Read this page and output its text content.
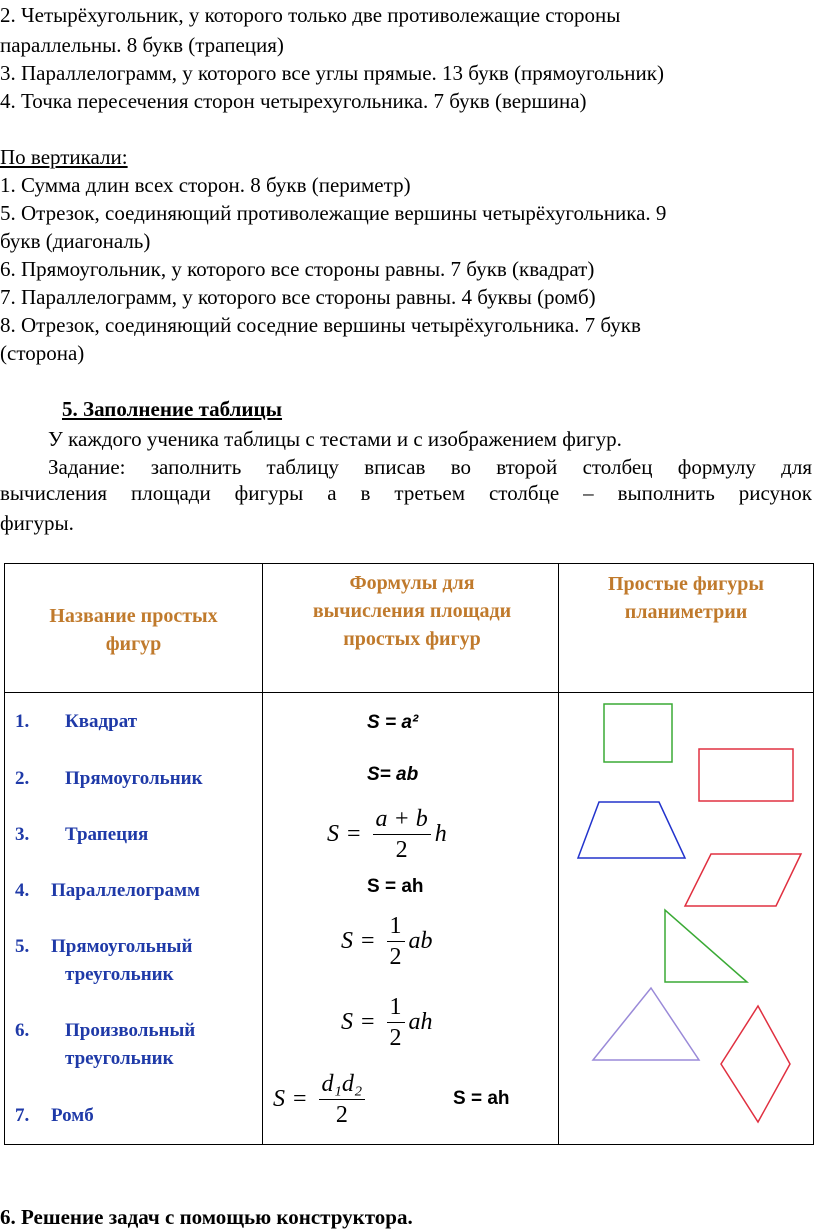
2. Четырёхугольник, у которого только две противолежащие стороны
параллельны. 8 букв (трапеция)
3. Параллелограмм, у которого все углы прямые. 13 букв (прямоугольник)
4. Точка пересечения сторон четырехугольника. 7 букв (вершина)
По вертикали:
1. Сумма длин всех сторон. 8 букв (периметр)
5. Отрезок, соединяющий противолежащие вершины четырёхугольника. 9
букв (диагональ)
6. Прямоугольник, у которого все стороны равны. 7 букв (квадрат)
7. Параллелограмм, у которого все стороны равны. 4 буквы (ромб)
8. Отрезок, соединяющий соседние вершины четырёхугольника. 7 букв
(сторона)
5. Заполнение таблицы
У каждого ученика таблицы с тестами и с изображением фигур.
Задание: заполнить таблицу вписав во второй столбец формулу для
вычисления площади фигуры а в третьем столбце – выполнить рисунок
фигуры.
Название простых
фигур
Формулы для
вычисления площади
простых фигур
Простые фигуры
планиметрии
1. Квадрат
2. Прямоугольник
3. Трапеция
4. Параллелограмм
5. Прямоугольный
треугольник
6. Произвольный
треугольник
7. Ромб
S = a²
S= ab
$S = \frac{a + b}{2}$ h
S = ah
$S = \frac{1}{2}$ ab
$S = \frac{1}{2}$ ah
$S = \frac{\text{d₁d₂}}{2}$	S = ah
6. Решение задач с помощью конструктора.
